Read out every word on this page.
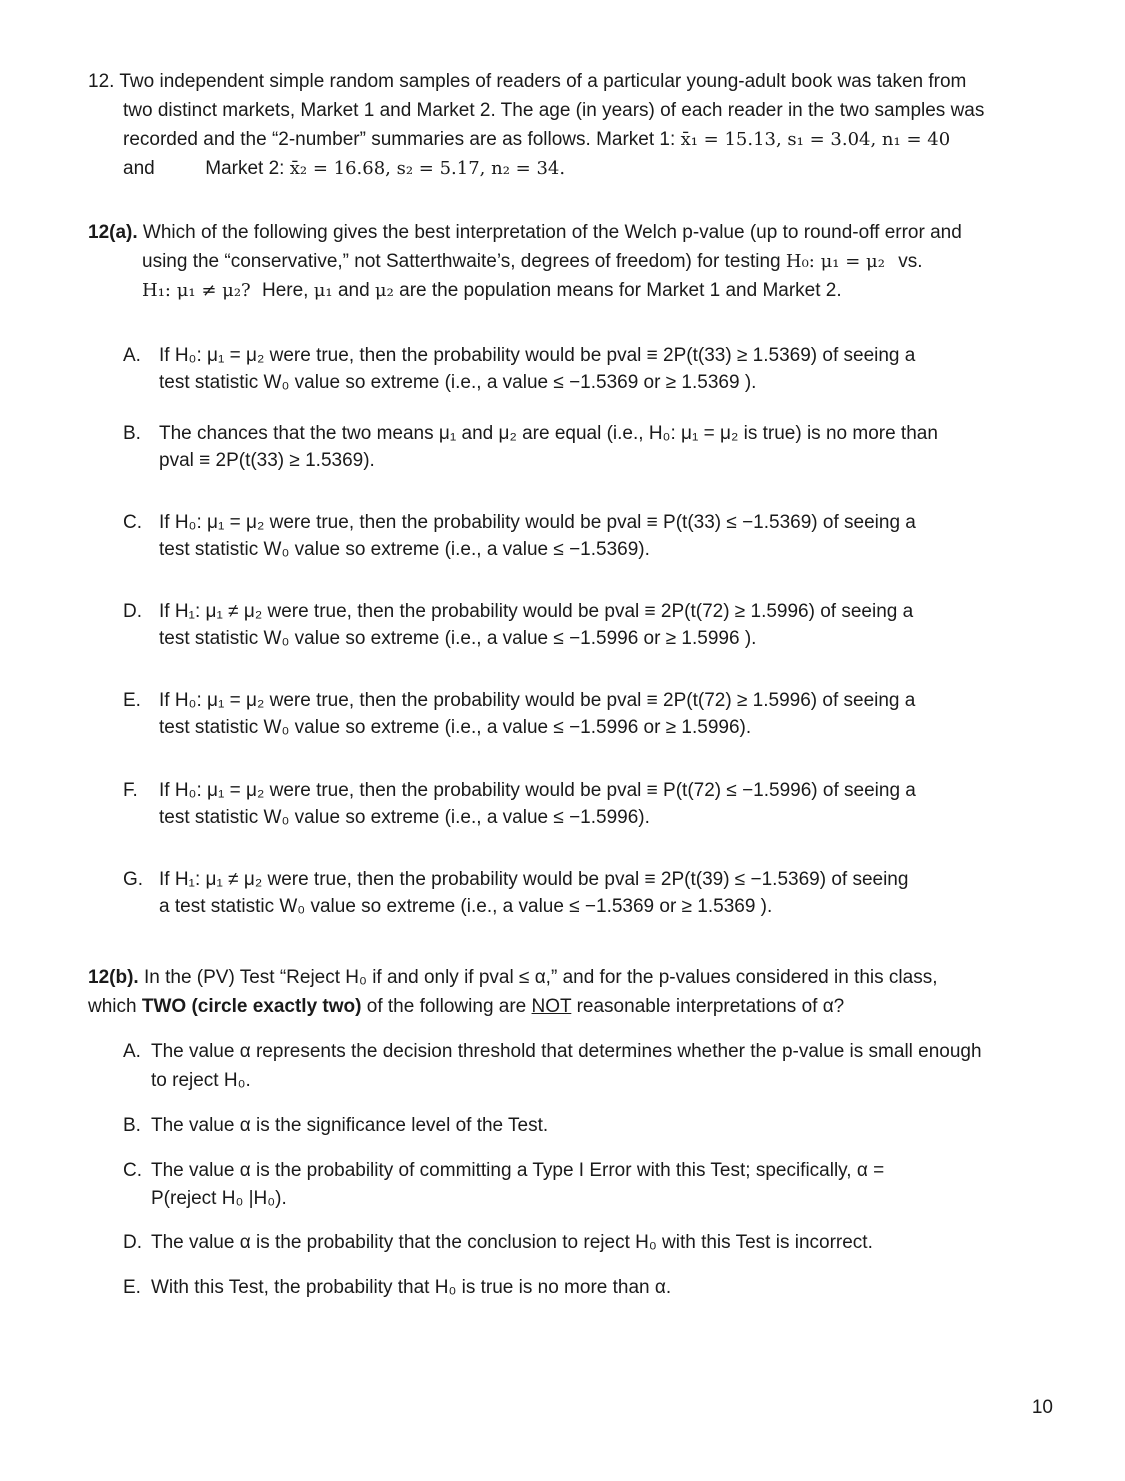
12. Two independent simple random samples of readers of a particular young-adult book was taken from
two distinct markets, Market 1 and Market 2. The age (in years) of each reader in the two samples was
recorded and the “2-number” summaries are as follows. Market 1: x̄₁ = 15.13, s₁ = 3.04, n₁ = 40
and	Market 2: x̄₂ = 16.68, s₂ = 5.17, n₂ = 34.
12(a). Which of the following gives the best interpretation of the Welch p-value (up to round-off error and
using the “conservative,” not Satterthwaite’s, degrees of freedom) for testing H₀: μ₁ = μ₂ vs.
H₁: μ₁ ≠ μ₂? Here, μ₁ and μ₂ are the population means for Market 1 and Market 2.
A. If H₀: μ₁ = μ₂ were true, then the probability would be pval ≡ 2P(t(33) ≥ 1.5369) of seeing a
test statistic W₀ value so extreme (i.e., a value ≤ −1.5369 or ≥ 1.5369 ).
B. The chances that the two means μ₁ and μ₂ are equal (i.e., H₀: μ₁ = μ₂ is true) is no more than
pval ≡ 2P(t(33) ≥ 1.5369).
C. If H₀: μ₁ = μ₂ were true, then the probability would be pval ≡ P(t(33) ≤ −1.5369) of seeing a
test statistic W₀ value so extreme (i.e., a value ≤ −1.5369).
D. If H₁: μ₁ ≠ μ₂ were true, then the probability would be pval ≡ 2P(t(72) ≥ 1.5996) of seeing a
test statistic W₀ value so extreme (i.e., a value ≤ −1.5996 or ≥ 1.5996 ).
E. If H₀: μ₁ = μ₂ were true, then the probability would be pval ≡ 2P(t(72) ≥ 1.5996) of seeing a
test statistic W₀ value so extreme (i.e., a value ≤ −1.5996 or ≥ 1.5996).
F. If H₀: μ₁ = μ₂ were true, then the probability would be pval ≡ P(t(72) ≤ −1.5996) of seeing a
test statistic W₀ value so extreme (i.e., a value ≤ −1.5996).
G. If H₁: μ₁ ≠ μ₂ were true, then the probability would be pval ≡ 2P(t(39) ≤ −1.5369) of seeing
a test statistic W₀ value so extreme (i.e., a value ≤ −1.5369 or ≥ 1.5369 ).
12(b). In the (PV) Test “Reject H₀ if and only if pval ≤ α,” and for the p-values considered in this class,
which TWO (circle exactly two) of the following are NOT reasonable interpretations of α?
A. The value α represents the decision threshold that determines whether the p-value is small enough
to reject H₀.
B. The value α is the significance level of the Test.
C. The value α is the probability of committing a Type I Error with this Test; specifically, α =
P(reject H₀ |H₀).
D. The value α is the probability that the conclusion to reject H₀ with this Test is incorrect.
E. With this Test, the probability that H₀ is true is no more than α.
10
